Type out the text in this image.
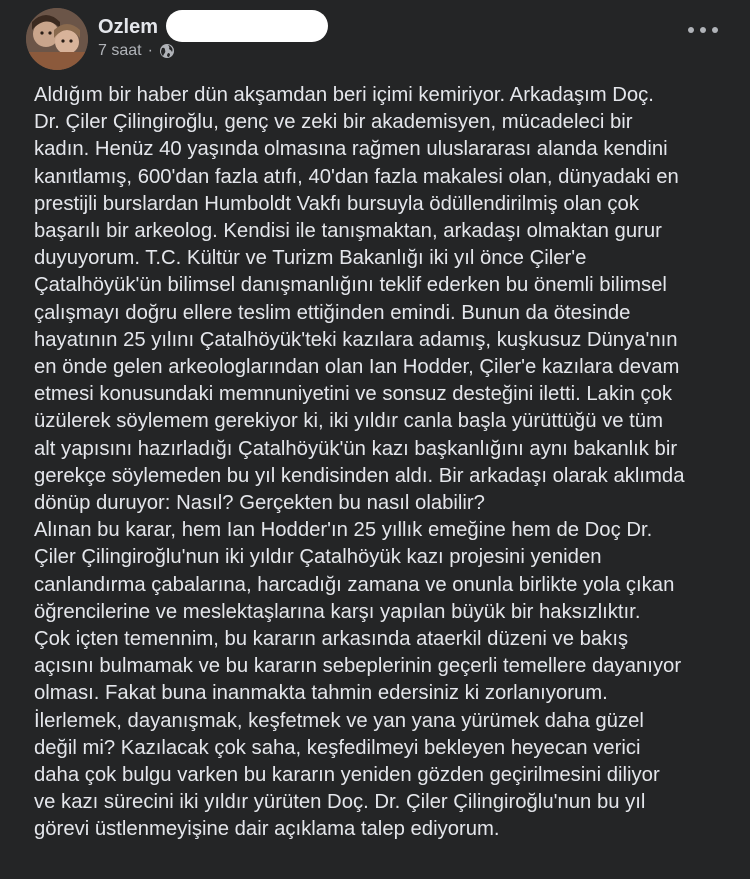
Ozlem
7 saat ·
Aldığım bir haber dün akşamdan beri içimi kemiriyor. Arkadaşım Doç.
Dr. Çiler Çilingiroğlu, genç ve zeki bir akademisyen, mücadeleci bir
kadın. Henüz 40 yaşında olmasına rağmen uluslararası alanda kendini
kanıtlamış, 600'dan fazla atıfı, 40'dan fazla makalesi olan, dünyadaki en
prestijli burslardan Humboldt Vakfı bursuyla ödüllendirilmiş olan çok
başarılı bir arkeolog. Kendisi ile tanışmaktan, arkadaşı olmaktan gurur
duyuyorum. T.C. Kültür ve Turizm Bakanlığı iki yıl önce Çiler'e
Çatalhöyük'ün bilimsel danışmanlığını teklif ederken bu önemli bilimsel
çalışmayı doğru ellere teslim ettiğinden emindi. Bunun da ötesinde
hayatının 25 yılını Çatalhöyük'teki kazılara adamış, kuşkusuz Dünya'nın
en önde gelen arkeologlarından olan Ian Hodder, Çiler'e kazılara devam
etmesi konusundaki memnuniyetini ve sonsuz desteğini iletti. Lakin çok
üzülerek söylemem gerekiyor ki, iki yıldır canla başla yürüttüğü ve tüm
alt yapısını hazırladığı Çatalhöyük'ün kazı başkanlığını aynı bakanlık bir
gerekçe söylemeden bu yıl kendisinden aldı. Bir arkadaşı olarak aklımda
dönüp duruyor: Nasıl? Gerçekten bu nasıl olabilir?
Alınan bu karar, hem Ian Hodder'ın 25 yıllık emeğine hem de Doç Dr.
Çiler Çilingiroğlu'nun iki yıldır Çatalhöyük kazı projesini yeniden
canlandırma çabalarına, harcadığı zamana ve onunla birlikte yola çıkan
öğrencilerine ve meslektaşlarına karşı yapılan büyük bir haksızlıktır.
Çok içten temennim, bu kararın arkasında ataerkil düzeni ve bakış
açısını bulmamak ve bu kararın sebeplerinin geçerli temellere dayanıyor
olması. Fakat buna inanmakta tahmin edersiniz ki zorlanıyorum.
İlerlemek, dayanışmak, keşfetmek ve yan yana yürümek daha güzel
değil mi? Kazılacak çok saha, keşfedilmeyi bekleyen heyecan verici
daha çok bulgu varken bu kararın yeniden gözden geçirilmesini diliyor
ve kazı sürecini iki yıldır yürüten Doç. Dr. Çiler Çilingiroğlu'nun bu yıl
görevi üstlenmeyişine dair açıklama talep ediyorum.
